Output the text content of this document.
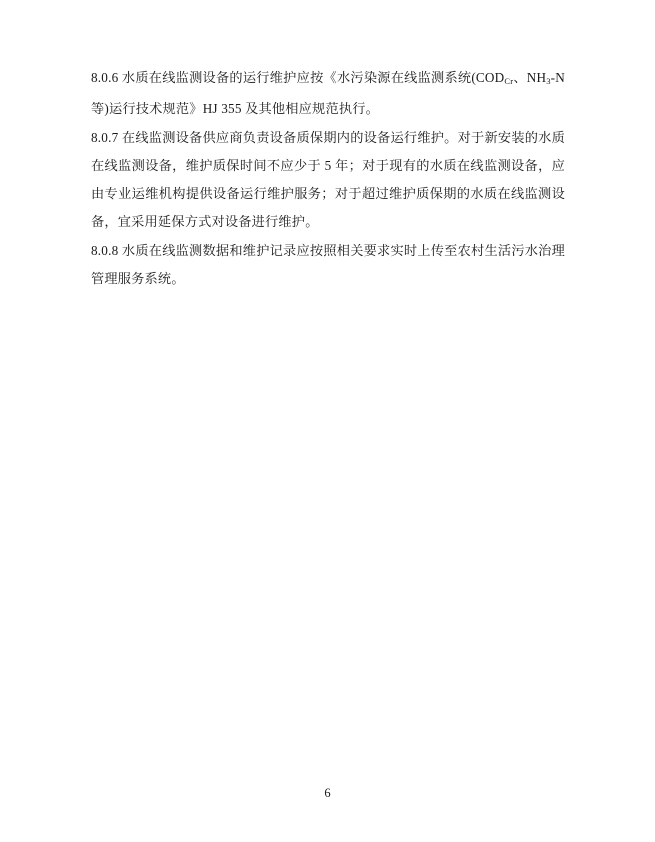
8.0.6 水质在线监测设备的运行维护应按《水污染源在线监测系统($COD_{Cr}$、$NH_3-N$ 等)运行技术规范》HJ 355 及其他相应规范执行。

8.0.7 在线监测设备供应商负责设备质保期内的设备运行维护。对于新安装的水质在线监测设备，维护质保时间不应少于 5 年；对于现有的水质在线监测设备，应由专业运维机构提供设备运行维护服务；对于超过维护质保期的水质在线监测设备，宜采用延保方式对设备进行维护。

8.0.8 水质在线监测数据和维护记录应按照相关要求实时上传至农村生活污水治理管理服务系统。

6
